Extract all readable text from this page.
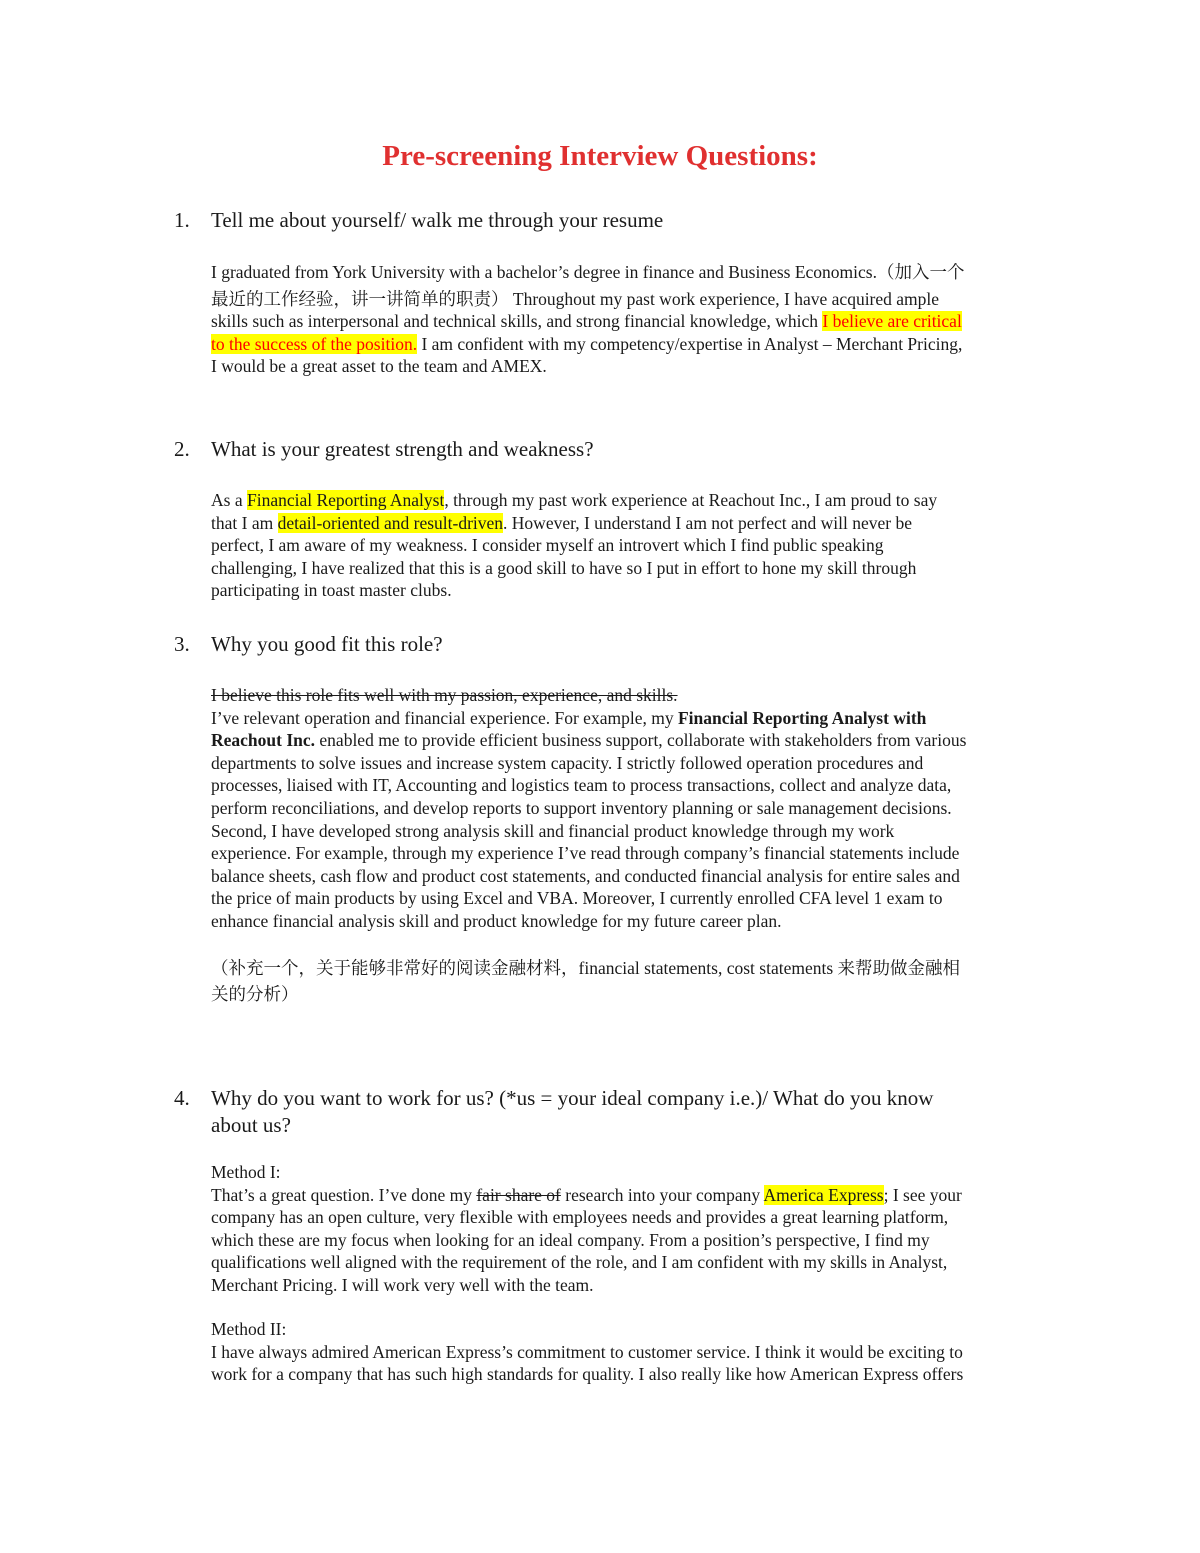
Pre-screening Interview Questions:
1. Tell me about yourself/ walk me through your resume
I graduated from York University with a bachelor’s degree in finance and Business Economics.（加入一个
最近的工作经验，讲一讲简单的职责） Throughout my past work experience, I have acquired ample
skills such as interpersonal and technical skills, and strong financial knowledge, which I believe are critical
to the success of the position. I am confident with my competency/expertise in Analyst – Merchant Pricing,
I would be a great asset to the team and AMEX.
2. What is your greatest strength and weakness?
As a Financial Reporting Analyst, through my past work experience at Reachout Inc., I am proud to say
that I am detail-oriented and result-driven. However, I understand I am not perfect and will never be
perfect, I am aware of my weakness. I consider myself an introvert which I find public speaking
challenging, I have realized that this is a good skill to have so I put in effort to hone my skill through
participating in toast master clubs.
3. Why you good fit this role?
I believe this role fits well with my passion, experience, and skills.
I’ve relevant operation and financial experience. For example, my Financial Reporting Analyst with
Reachout Inc. enabled me to provide efficient business support, collaborate with stakeholders from various
departments to solve issues and increase system capacity. I strictly followed operation procedures and
processes, liaised with IT, Accounting and logistics team to process transactions, collect and analyze data,
perform reconciliations, and develop reports to support inventory planning or sale management decisions.
Second, I have developed strong analysis skill and financial product knowledge through my work
experience. For example, through my experience I’ve read through company’s financial statements include
balance sheets, cash flow and product cost statements, and conducted financial analysis for entire sales and
the price of main products by using Excel and VBA. Moreover, I currently enrolled CFA level 1 exam to
enhance financial analysis skill and product knowledge for my future career plan.
（补充一个，关于能够非常好的阅读金融材料，financial statements, cost statements 来帮助做金融相
关的分析）
4. Why do you want to work for us? (*us = your ideal company i.e.)/ What do you know
about us?
Method I:
That’s a great question. I’ve done my fair share of research into your company America Express; I see your
company has an open culture, very flexible with employees needs and provides a great learning platform,
which these are my focus when looking for an ideal company. From a position’s perspective, I find my
qualifications well aligned with the requirement of the role, and I am confident with my skills in Analyst,
Merchant Pricing. I will work very well with the team.
Method II:
I have always admired American Express’s commitment to customer service. I think it would be exciting to
work for a company that has such high standards for quality. I also really like how American Express offers
